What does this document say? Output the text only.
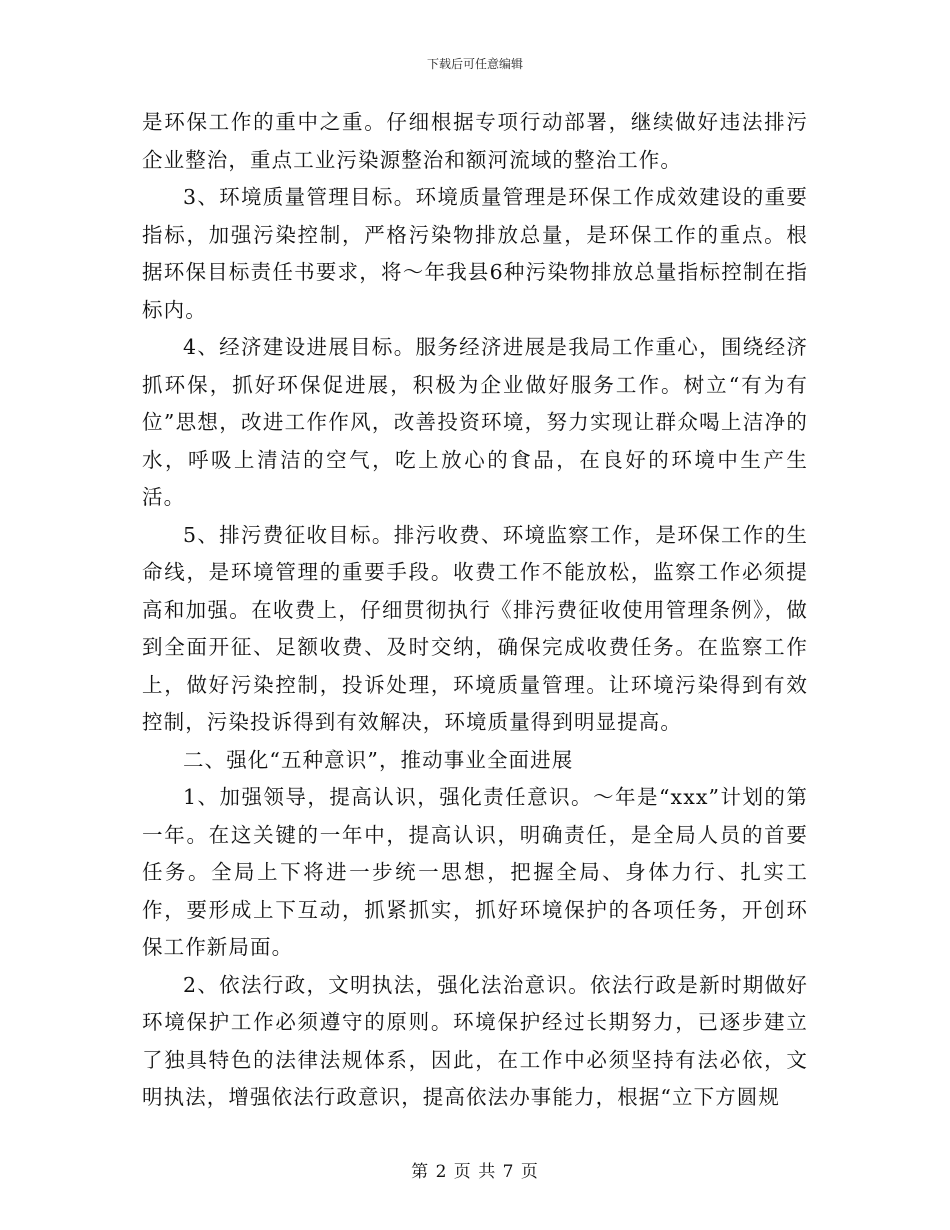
下载后可任意编辑

是环保工作的重中之重。仔细根据专项行动部署，继续做好违法排污企业整治，重点工业污染源整治和额河流域的整治工作。

3、环境质量管理目标。环境质量管理是环保工作成效建设的重要指标，加强污染控制，严格污染物排放总量，是环保工作的重点。根据环保目标责任书要求，将～年我县6种污染物排放总量指标控制在指标内。

4、经济建设进展目标。服务经济进展是我局工作重心，围绕经济抓环保，抓好环保促进展，积极为企业做好服务工作。树立“有为有位”思想，改进工作作风，改善投资环境，努力实现让群众喝上洁净的水，呼吸上清洁的空气，吃上放心的食品，在良好的环境中生产生活。

5、排污费征收目标。排污收费、环境监察工作，是环保工作的生命线，是环境管理的重要手段。收费工作不能放松，监察工作必须提高和加强。在收费上，仔细贯彻执行《排污费征收使用管理条例》，做到全面开征、足额收费、及时交纳，确保完成收费任务。在监察工作上，做好污染控制，投诉处理，环境质量管理。让环境污染得到有效控制，污染投诉得到有效解决，环境质量得到明显提高。

二、强化“五种意识”，推动事业全面进展

1、加强领导，提高认识，强化责任意识。～年是“xxx”计划的第一年。在这关键的一年中，提高认识，明确责任，是全局人员的首要任务。全局上下将进一步统一思想，把握全局、身体力行、扎实工作，要形成上下互动，抓紧抓实，抓好环境保护的各项任务，开创环保工作新局面。

2、依法行政，文明执法，强化法治意识。依法行政是新时期做好环境保护工作必须遵守的原则。环境保护经过长期努力，已逐步建立了独具特色的法律法规体系，因此，在工作中必须坚持有法必依，文明执法，增强依法行政意识，提高依法办事能力，根据“立下方圆规

第 2 页 共 7 页
